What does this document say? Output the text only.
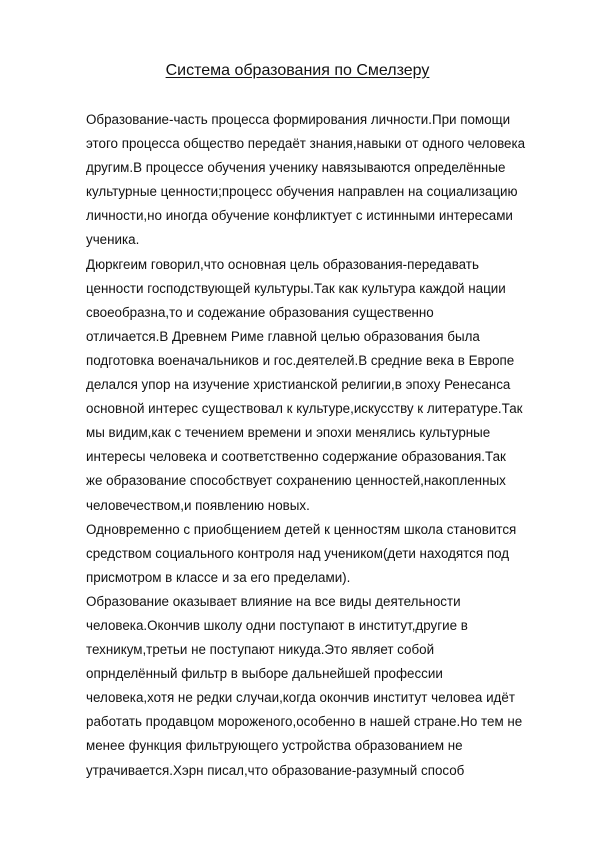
Система образования по Смелзеру
Образование-часть процесса формирования личности.При помощи
этого процесса общество передаёт знания,навыки от одного человека
другим.В процессе обучения ученику навязываются определённые
культурные ценности;процесс обучения направлен на социализацию
личности,но иногда обучение конфликтует с истинными интересами
ученика.
Дюркгеим говорил,что основная цель образования-передавать
ценности господствующей культуры.Так как культура каждой нации
своеобразна,то и содежание образования существенно
отличается.В Древнем Риме главной целью образования была
подготовка военачальников и гос.деятелей.В средние века в Европе
делался упор на изучение христианской религии,в эпоху Ренесанса
основной интерес существовал к культуре,искусству к литературе.Так
мы видим,как с течением времени и эпохи менялись культурные
интересы человека и соответственно содержание образования.Так
же образование способствует сохранению ценностей,накопленных
человечеством,и появлению новых.
Одновременно с приобщением детей к ценностям школа становится
средством социального контроля над учеником(дети находятся под
присмотром в классе и за его пределами).
Образование оказывает влияние на все виды деятельности
человека.Окончив школу одни поступают в институт,другие в
техникум,третьи не поступают никуда.Это являет собой
опрнделённый фильтр в выборе дальнейшей профессии
человека,хотя не редки случаи,когда окончив институт человеа идёт
работать продавцом мороженого,особенно в нашей стране.Но тем не
менее функция фильтрующего устройства образованием не
утрачивается.Хэрн писал,что образование-разумный способ
